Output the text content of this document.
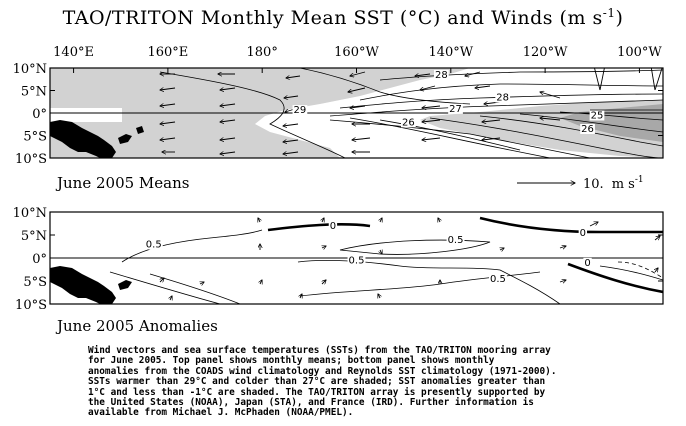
TAO/TRITON Monthly Mean SST (°C) and Winds (m $s^{-1}$)
28
28
27
26
29
26
25
140°E	160°E	180°	160°W	140°W	120°W	100°W
10°N
5°N
0°
5°S
10°S
June 2005 Means	10. m $s^{-1}$
0
0
0
0.5
0.5
0.5
0.5
10°N
5°N
0°
5°S
10°S
June 2005 Anomalies
Wind vectors and sea surface temperatures (SSTs) from the TAO/TRITON mooring array
for June 2005. Top panel shows monthly means; bottom panel shows monthly
anomalies from the COADS wind climatology and Reynolds SST climatology (1971-2000).
SSTs warmer than 29°C and colder than 27°C are shaded; SST anomalies greater than
1°C and less than -1°C are shaded. The TAO/TRITON array is presently supported by
the United States (NOAA), Japan (STA), and France (IRD). Further information is
available from Michael J. McPhaden (NOAA/PMEL).
